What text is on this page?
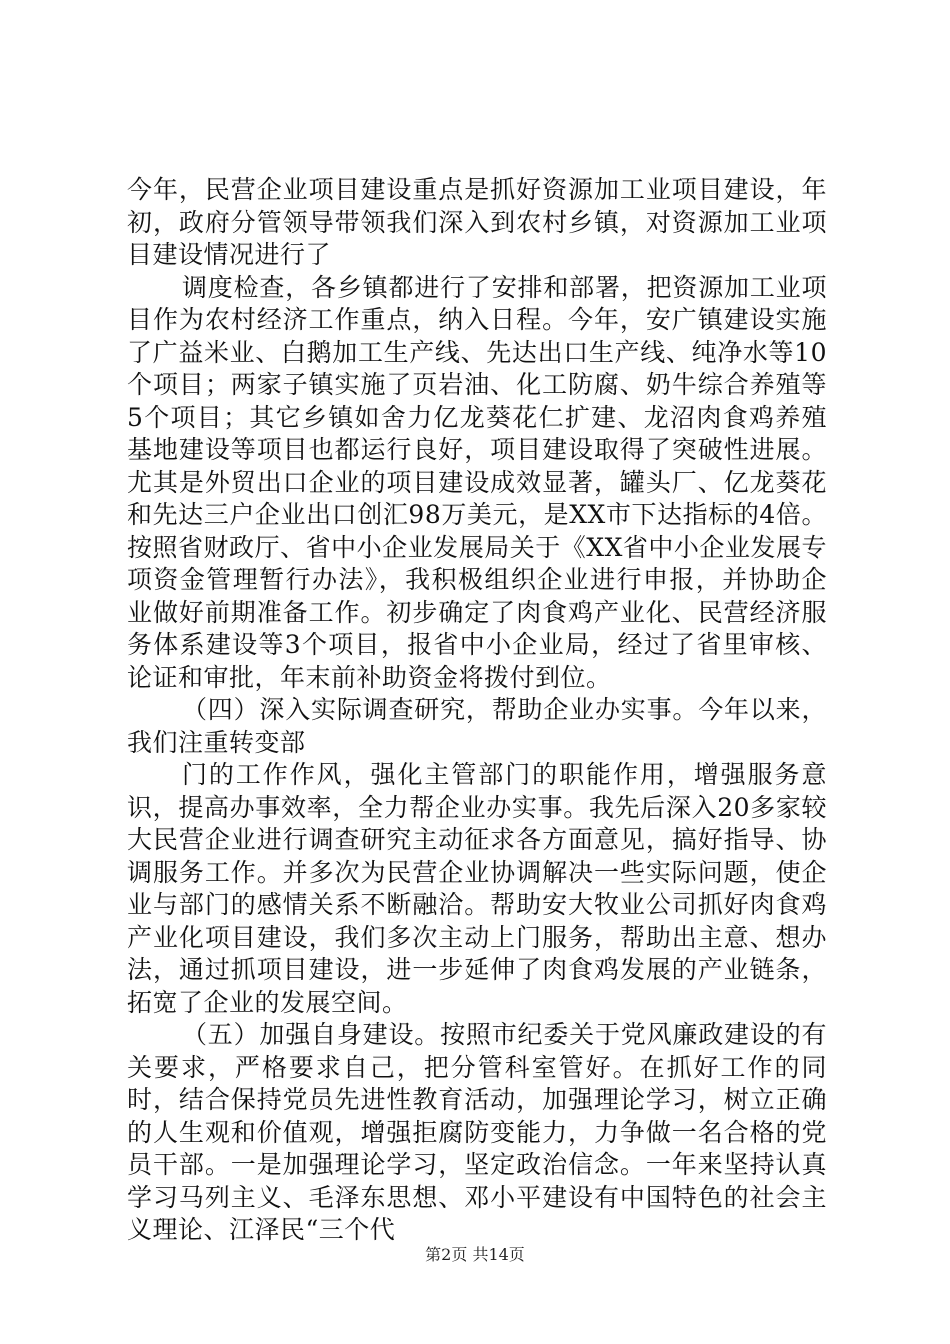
今年，民营企业项目建设重点是抓好资源加工业项目建设，年初，政府分管领导带领我们深入到农村乡镇，对资源加工业项目建设情况进行了

调度检查，各乡镇都进行了安排和部署，把资源加工业项目作为农村经济工作重点，纳入日程。今年，安广镇建设实施了广益米业、白鹅加工生产线、先达出口生产线、纯净水等10个项目；两家子镇实施了页岩油、化工防腐、奶牛综合养殖等5个项目；其它乡镇如舍力亿龙葵花仁扩建、龙沼肉食鸡养殖基地建设等项目也都运行良好，项目建设取得了突破性进展。尤其是外贸出口企业的项目建设成效显著，罐头厂、亿龙葵花和先达三户企业出口创汇98万美元，是XX市下达指标的4倍。按照省财政厅、省中小企业发展局关于《XX省中小企业发展专项资金管理暂行办法》，我积极组织企业进行申报，并协助企业做好前期准备工作。初步确定了肉食鸡产业化、民营经济服务体系建设等3个项目，报省中小企业局，经过了省里审核、论证和审批，年末前补助资金将拨付到位。

（四）深入实际调查研究，帮助企业办实事。今年以来，我们注重转变部

门的工作作风，强化主管部门的职能作用，增强服务意识，提高办事效率，全力帮企业办实事。我先后深入20多家较大民营企业进行调查研究主动征求各方面意见，搞好指导、协调服务工作。并多次为民营企业协调解决一些实际问题，使企业与部门的感情关系不断融洽。帮助安大牧业公司抓好肉食鸡产业化项目建设，我们多次主动上门服务，帮助出主意、想办法，通过抓项目建设，进一步延伸了肉食鸡发展的产业链条，拓宽了企业的发展空间。

（五）加强自身建设。按照市纪委关于党风廉政建设的有关要求，严格要求自己，把分管科室管好。在抓好工作的同时，结合保持党员先进性教育活动，加强理论学习，树立正确的人生观和价值观，增强拒腐防变能力，力争做一名合格的党员干部。一是加强理论学习，坚定政治信念。一年来坚持认真学习马列主义、毛泽东思想、邓小平建设有中国特色的社会主义理论、江泽民“三个代

第2页 共14页
